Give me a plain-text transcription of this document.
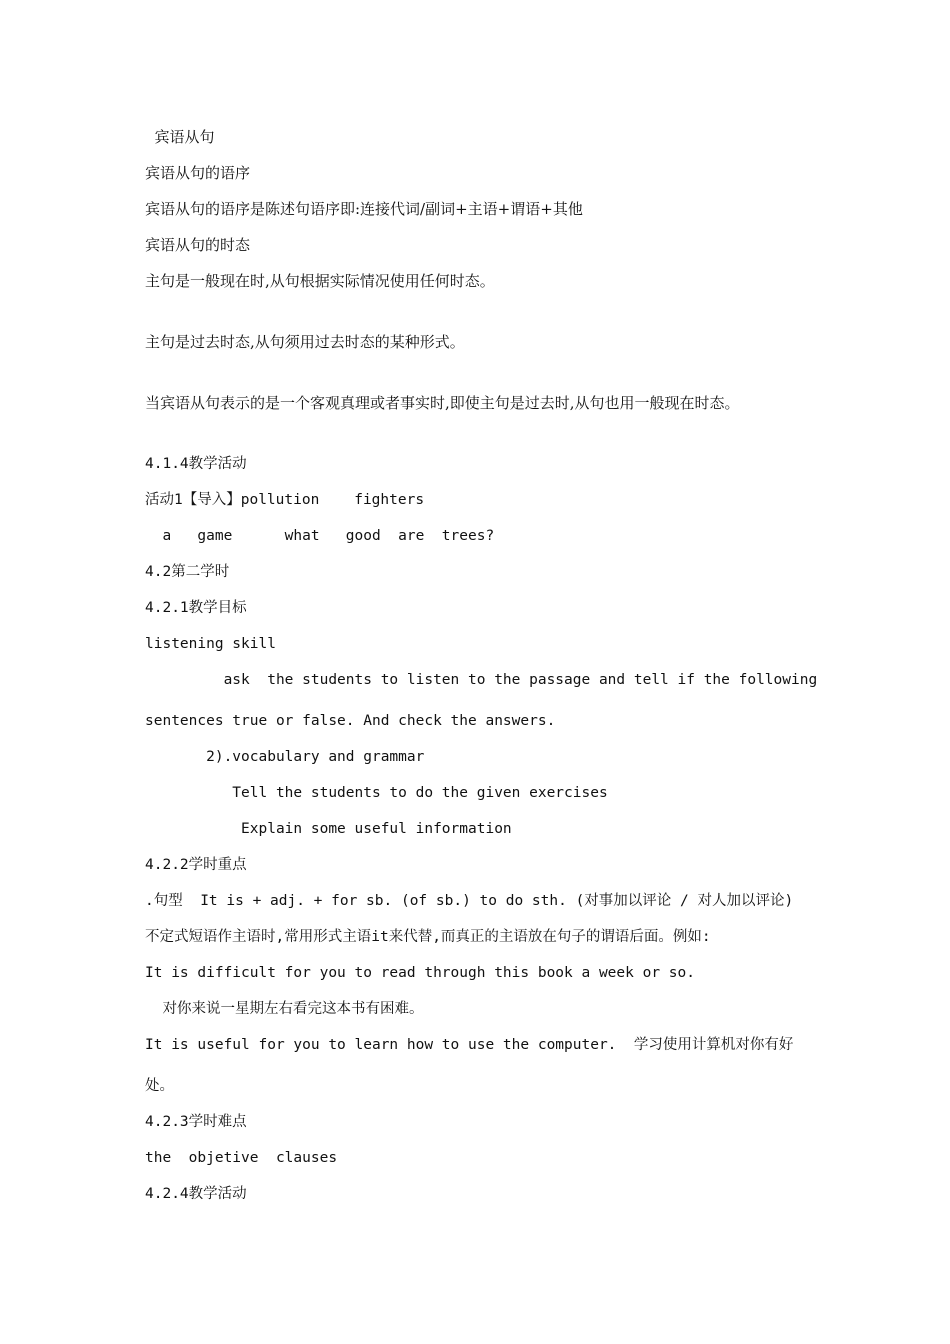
宾语从句
宾语从句的语序
宾语从句的语序是陈述句语序即:连接代词/副词+主语+谓语+其他
宾语从句的时态
主句是一般现在时,从句根据实际情况使用任何时态。
主句是过去时态,从句须用过去时态的某种形式。
当宾语从句表示的是一个客观真理或者事实时,即使主句是过去时,从句也用一般现在时态。
4.1.4教学活动
活动1【导入】pollution    fighters
a   game      what   good  are  trees?
4.2第二学时
4.2.1教学目标
listening skill
ask  the students to listen to the passage and tell if the following
sentences true or false. And check the answers.
2).vocabulary and grammar
Tell the students to do the given exercises
Explain some useful information
4.2.2学时重点
.句型  It is + adj. + for sb. (of sb.) to do sth. (对事加以评论 / 对人加以评论)
不定式短语作主语时,常用形式主语it来代替,而真正的主语放在句子的谓语后面。例如:
It is difficult for you to read through this book a week or so.
对你来说一星期左右看完这本书有困难。
It is useful for you to learn how to use the computer.  学习使用计算机对你有好
处。
4.2.3学时难点
the  objetive  clauses
4.2.4教学活动
